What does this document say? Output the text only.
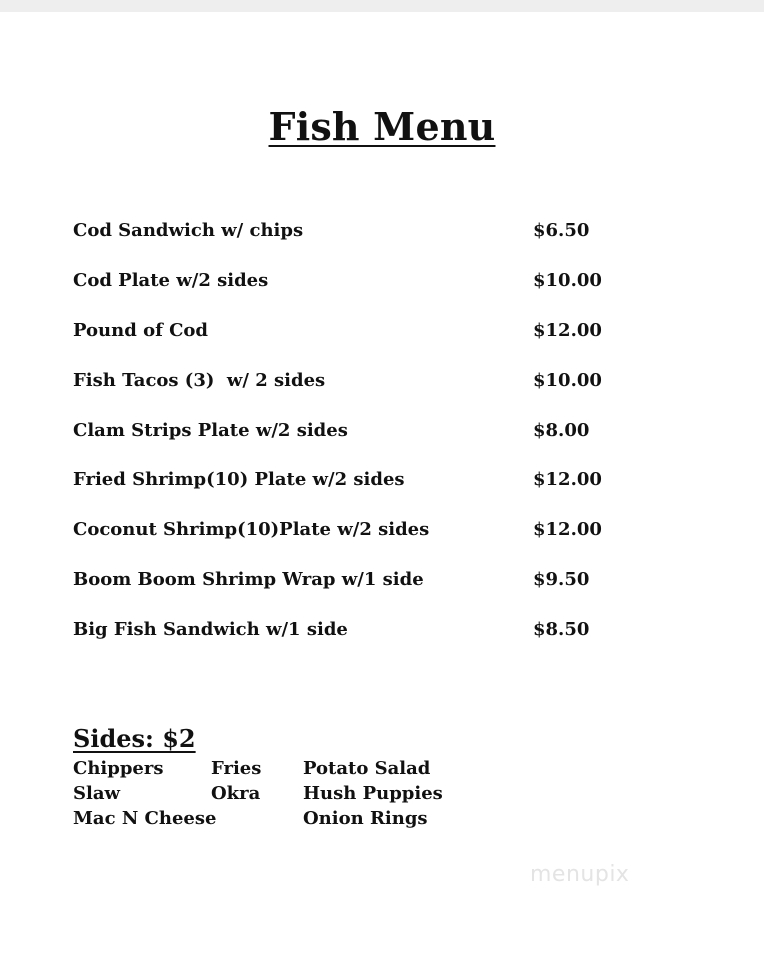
Fish Menu
Cod Sandwich w/ chips	$6.50
Cod Plate w/2 sides	$10.00
Pound of Cod	$12.00
Fish Tacos (3)  w/ 2 sides	$10.00
Clam Strips Plate w/2 sides	$8.00
Fried Shrimp(10) Plate w/2 sides	$12.00
Coconut Shrimp(10)Plate w/2 sides	$12.00
Boom Boom Shrimp Wrap w/1 side	$9.50
Big Fish Sandwich w/1 side	$8.50
Sides: $2
Chippers
Slaw
Mac N Cheese
Fries
Okra
Potato Salad
Hush Puppies
Onion Rings
menupix
